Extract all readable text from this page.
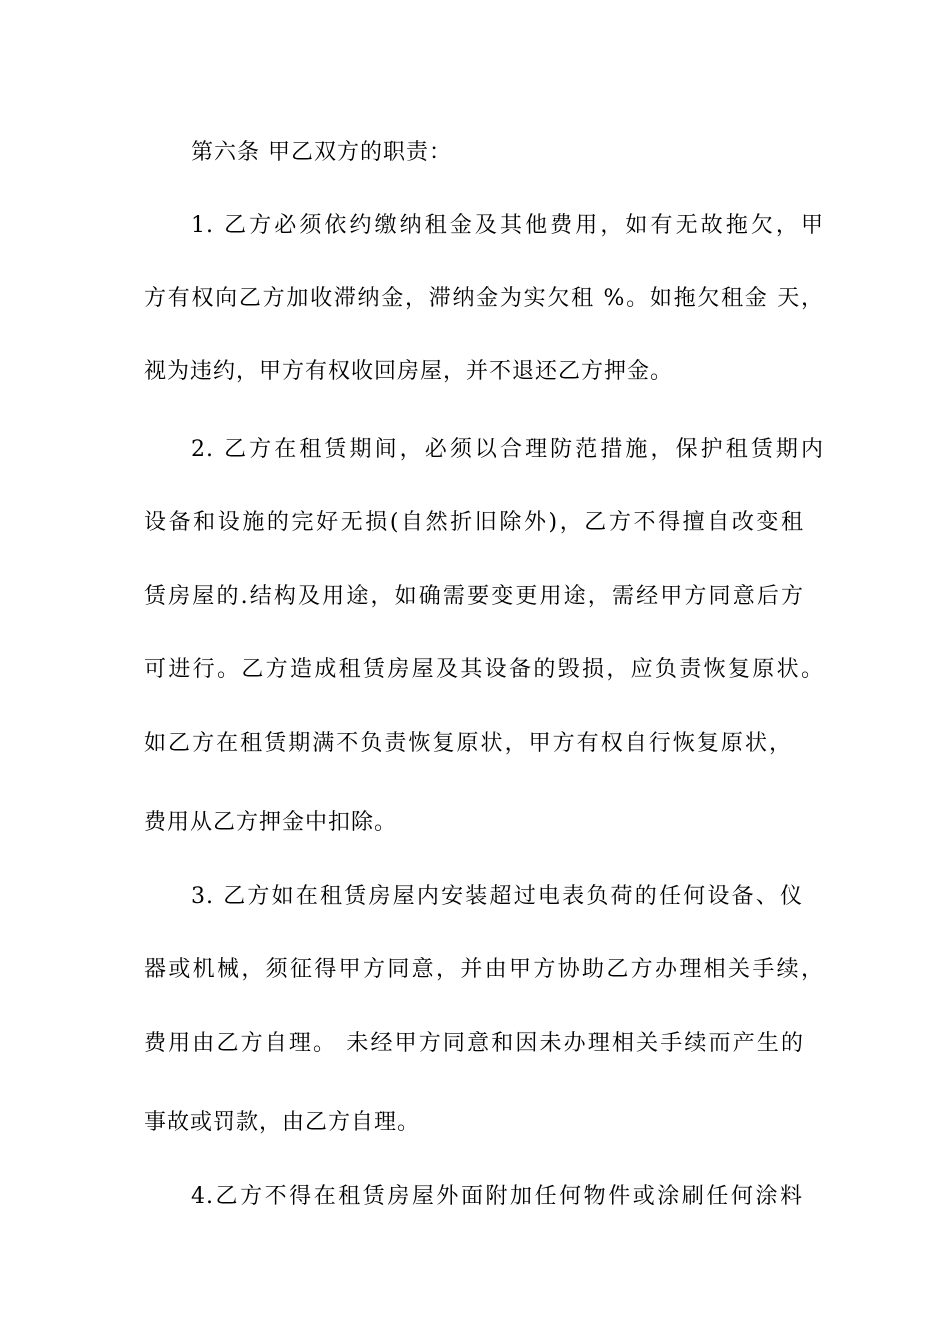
第六条 甲乙双方的职责：
1. 乙方必须依约缴纳租金及其他费用，如有无故拖欠，甲
方有权向乙方加收滞纳金，滞纳金为实欠租 %。如拖欠租金 天，
视为违约，甲方有权收回房屋，并不退还乙方押金。
2. 乙方在租赁期间，必须以合理防范措施，保护租赁期内
设备和设施的完好无损(自然折旧除外)，乙方不得擅自改变租
赁房屋的.结构及用途，如确需要变更用途，需经甲方同意后方
可进行。乙方造成租赁房屋及其设备的毁损，应负责恢复原状。
如乙方在租赁期满不负责恢复原状，甲方有权自行恢复原状，
费用从乙方押金中扣除。
3. 乙方如在租赁房屋内安装超过电表负荷的任何设备、仪
器或机械，须征得甲方同意，并由甲方协助乙方办理相关手续，
费用由乙方自理。 未经甲方同意和因未办理相关手续而产生的
事故或罚款，由乙方自理。
4.乙方不得在租赁房屋外面附加任何物件或涂刷任何涂料
